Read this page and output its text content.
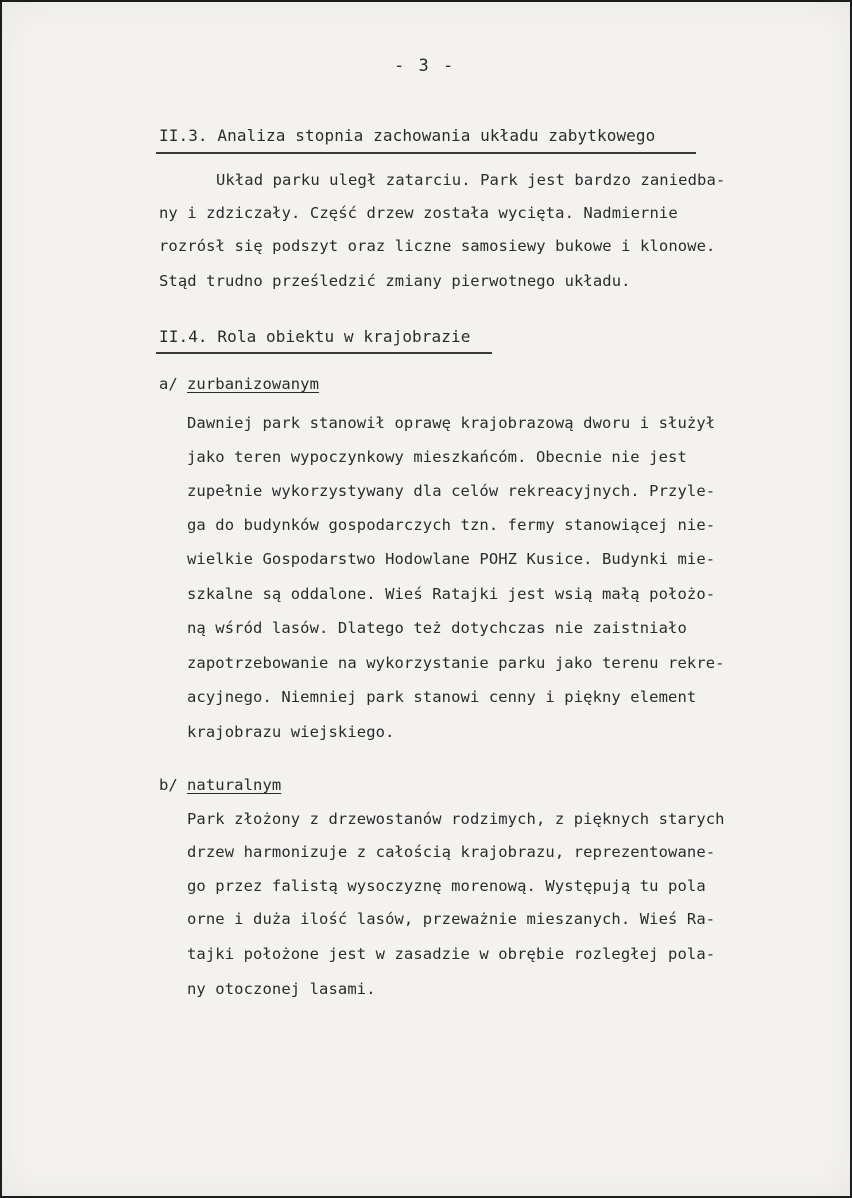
- 3 -
II.3. Analiza stopnia zachowania układu zabytkowego
Układ parku uległ zatarciu. Park jest bardzo zaniedba-
ny i zdziczały. Część drzew została wycięta. Nadmiernie
rozrósł się podszyt oraz liczne samosiewy bukowe i klonowe.
Stąd trudno prześledzić zmiany pierwotnego układu.
II.4. Rola obiektu w krajobrazie
a/ zurbanizowanym
Dawniej park stanowił oprawę krajobrazową dworu i służył
jako teren wypoczynkowy mieszkańcóm. Obecnie nie jest
zupełnie wykorzystywany dla celów rekreacyjnych. Przyle-
ga do budynków gospodarczych tzn. fermy stanowiącej nie-
wielkie Gospodarstwo Hodowlane POHZ Kusice. Budynki mie-
szkalne są oddalone. Wieś Ratajki jest wsią małą położo-
ną wśród lasów. Dlatego też dotychczas nie zaistniało
zapotrzebowanie na wykorzystanie parku jako terenu rekre-
acyjnego. Niemniej park stanowi cenny i piękny element
krajobrazu wiejskiego.
b/ naturalnym
Park złożony z drzewostanów rodzimych, z pięknych starych
drzew harmonizuje z całością krajobrazu, reprezentowane-
go przez falistą wysoczyznę morenową. Występują tu pola
orne i duża ilość lasów, przeważnie mieszanych. Wieś Ra-
tajki położone jest w zasadzie w obrębie rozległej pola-
ny otoczonej lasami.
